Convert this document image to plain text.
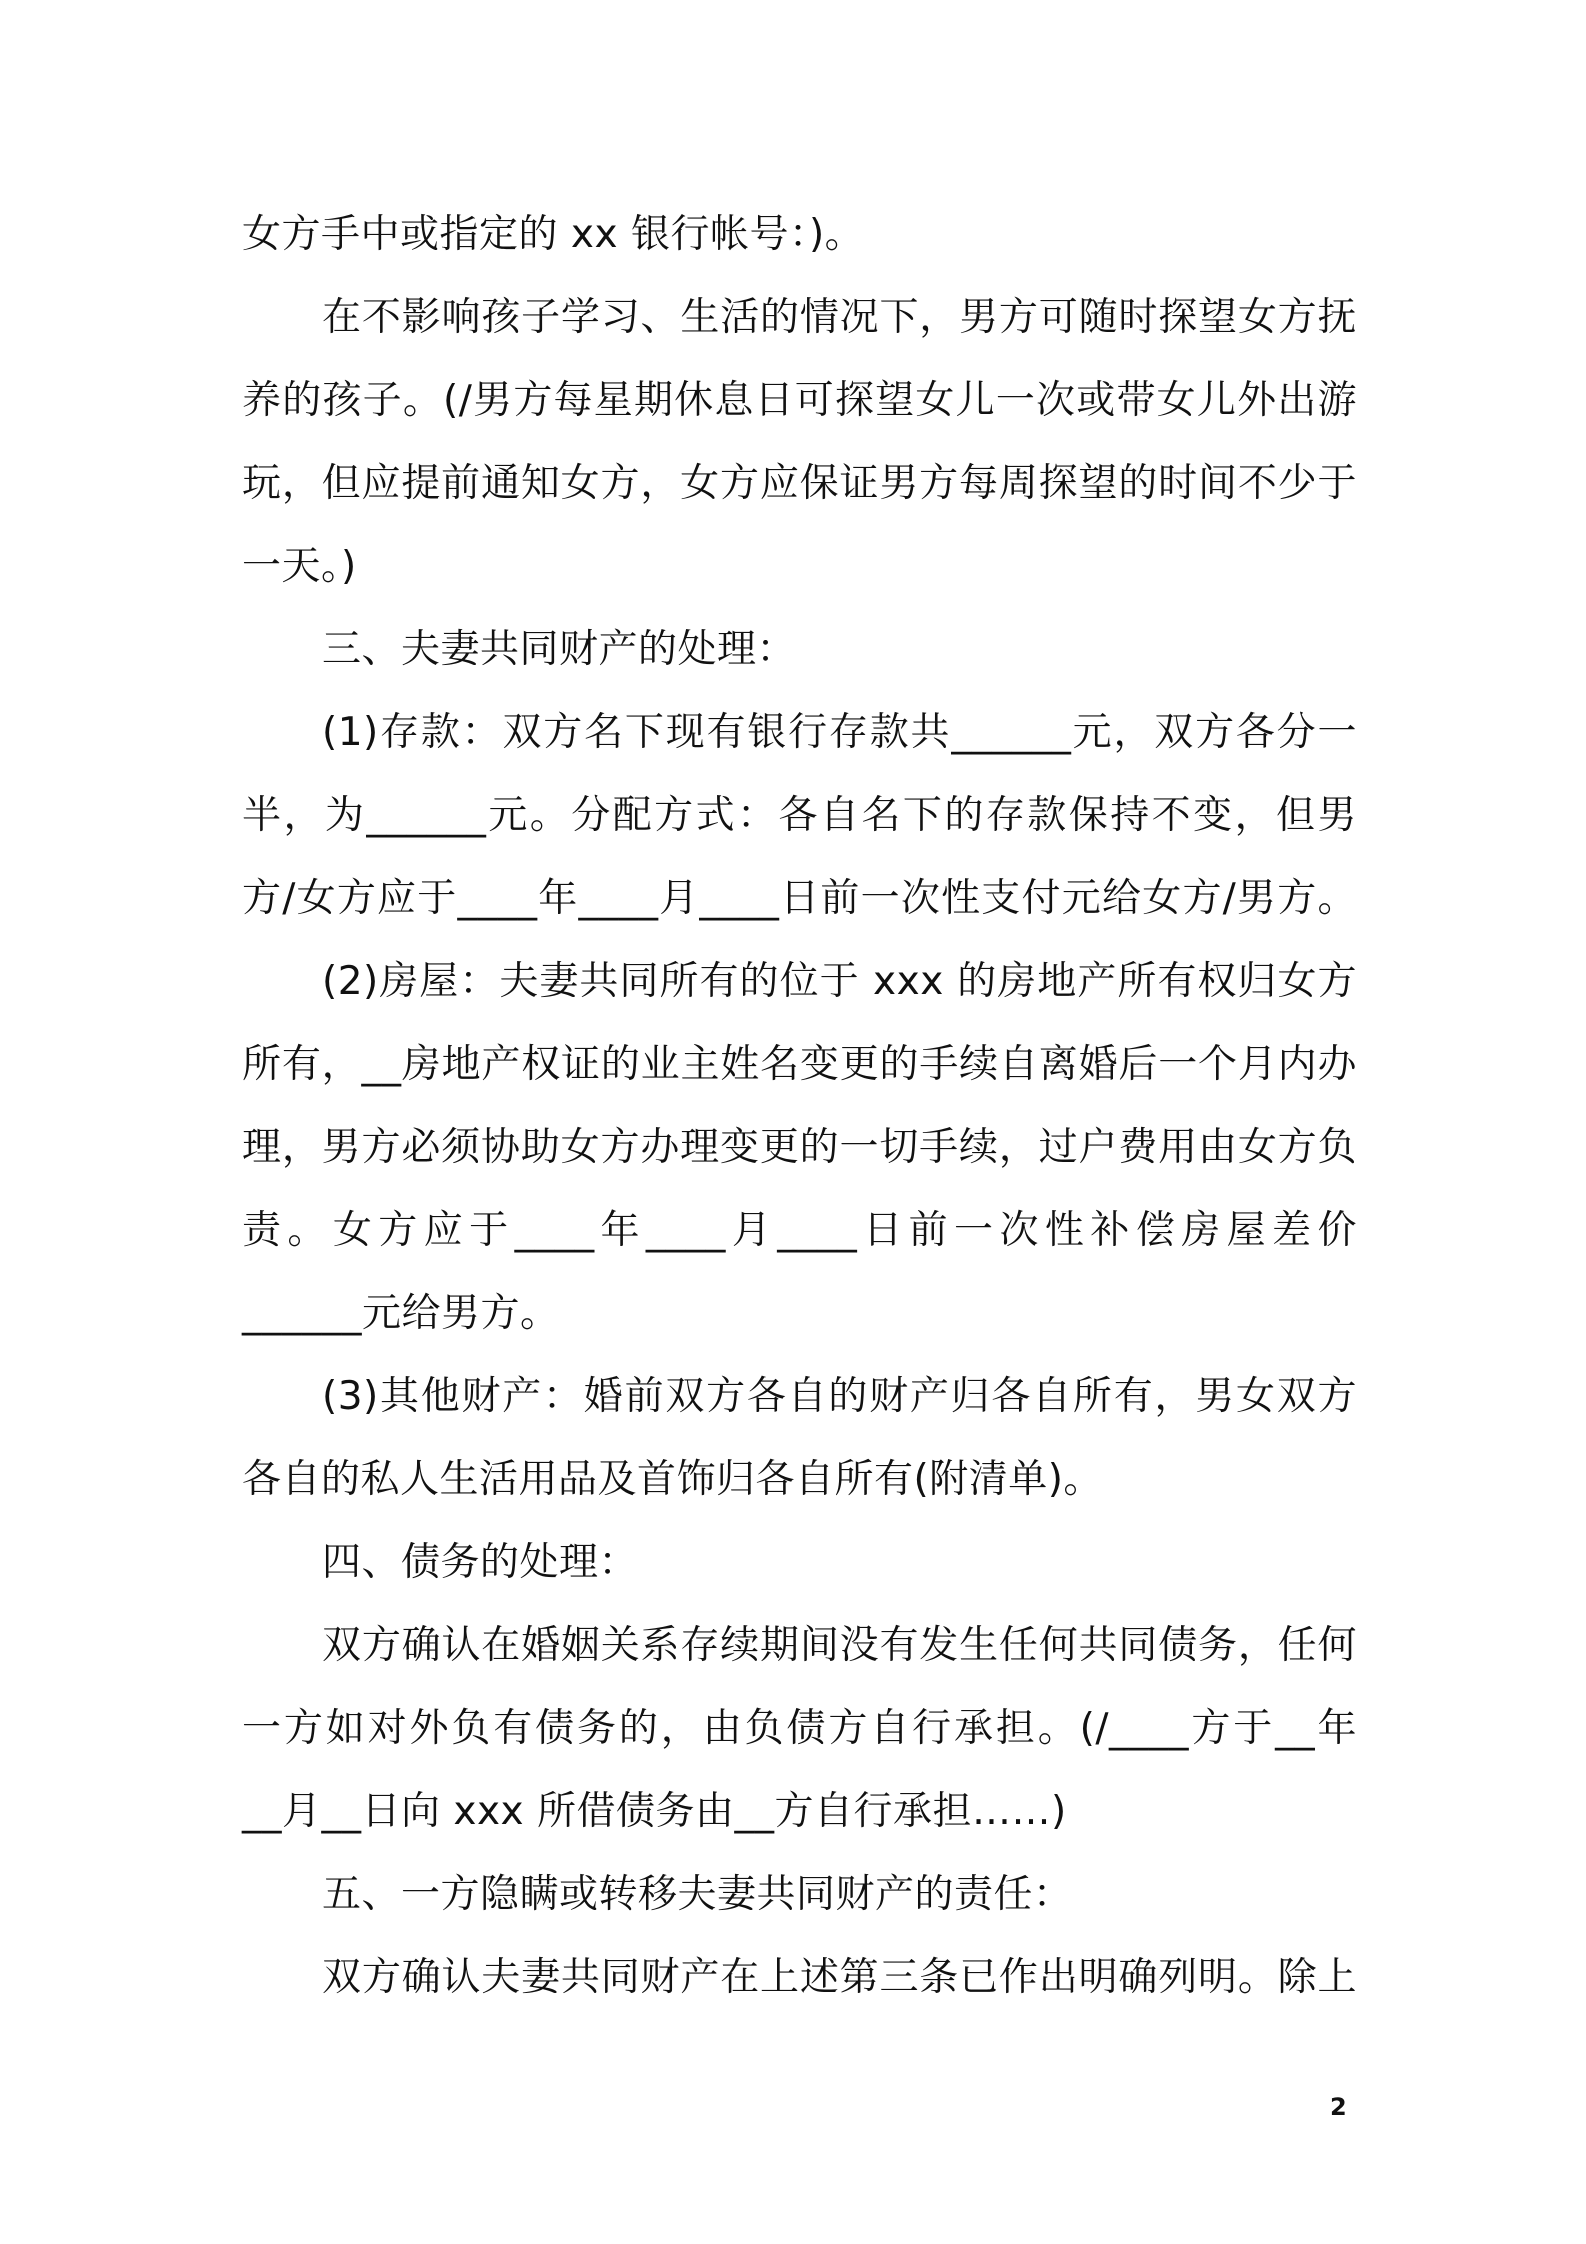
女方手中或指定的 xx 银行帐号：)。
在不影响孩子学习、生活的情况下，男方可随时探望女方抚
养的孩子。(/男方每星期休息日可探望女儿一次或带女儿外出游
玩，但应提前通知女方，女方应保证男方每周探望的时间不少于
一天。)
三、夫妻共同财产的处理：
(1)存款：双方名下现有银行存款共______元，双方各分一
半，为______元。分配方式：各自名下的存款保持不变，但男
方/女方应于____年____月____日前一次性支付元给女方/男方。
(2)房屋：夫妻共同所有的位于 xxx 的房地产所有权归女方
所有，__房地产权证的业主姓名变更的手续自离婚后一个月内办
理，男方必须协助女方办理变更的一切手续，过户费用由女方负
责。女方应于____年____月____日前一次性补偿房屋差价
______元给男方。
(3)其他财产：婚前双方各自的财产归各自所有，男女双方
各自的私人生活用品及首饰归各自所有(附清单)。
四、债务的处理：
双方确认在婚姻关系存续期间没有发生任何共同债务，任何
一方如对外负有债务的，由负债方自行承担。(/____方于__年
__月__日向 xxx 所借债务由__方自行承担……)
五、一方隐瞒或转移夫妻共同财产的责任：
双方确认夫妻共同财产在上述第三条已作出明确列明。除上
2
